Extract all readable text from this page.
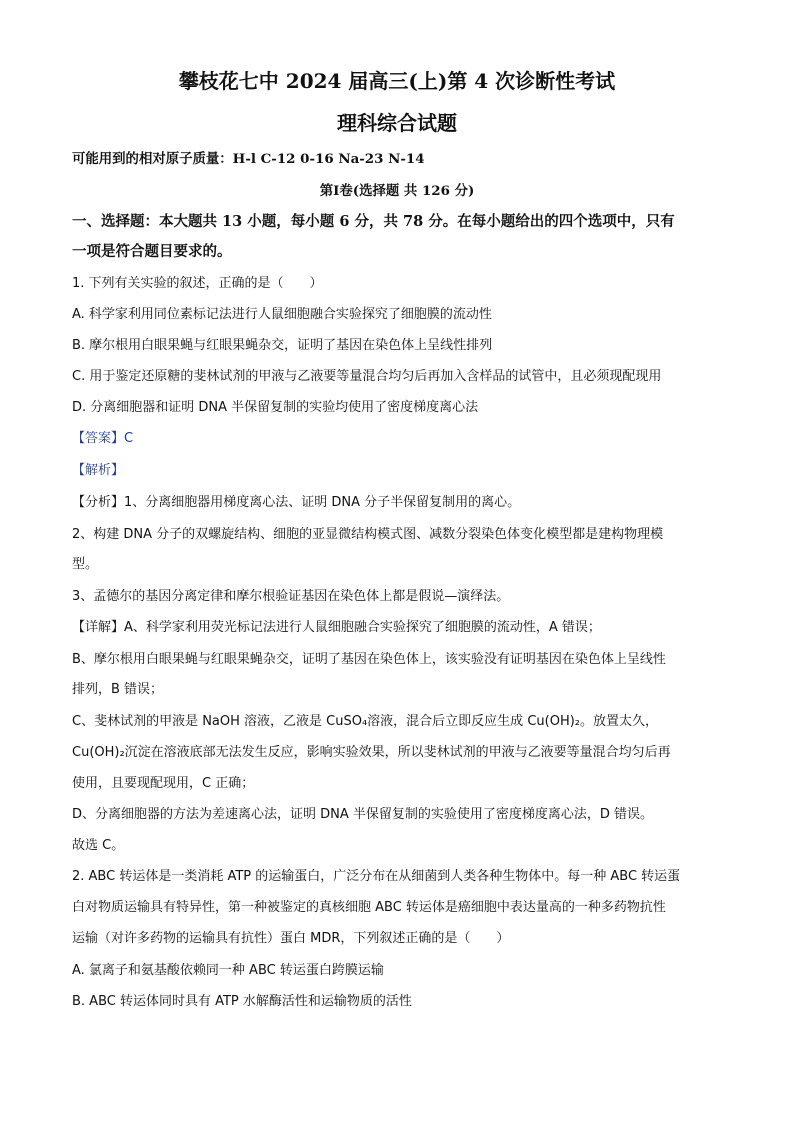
攀枝花七中 2024 届高三(上)第 4 次诊断性考试
理科综合试题
可能用到的相对原子质量：H-l C-12 0-16 Na-23 N-14
第Ⅰ卷(选择题 共 126 分)
一、选择题：本大题共 13 小题，每小题 6 分，共 78 分。在每小题给出的四个选项中，只有
一项是符合题目要求的。
1. 下列有关实验的叙述，正确的是（　　）
A. 科学家利用同位素标记法进行人鼠细胞融合实验探究了细胞膜的流动性
B. 摩尔根用白眼果蝇与红眼果蝇杂交，证明了基因在染色体上呈线性排列
C. 用于鉴定还原糖的斐林试剂的甲液与乙液要等量混合均匀后再加入含样品的试管中，且必须现配现用
D. 分离细胞器和证明 DNA 半保留复制的实验均使用了密度梯度离心法
【答案】C
【解析】
【分析】1、分离细胞器用梯度离心法、证明 DNA 分子半保留复制用的离心。
2、构建 DNA 分子的双螺旋结构、细胞的亚显微结构模式图、减数分裂染色体变化模型都是建构物理模
型。
3、孟德尔的基因分离定律和摩尔根验证基因在染色体上都是假说—演绎法。
【详解】A、科学家利用荧光标记法进行人鼠细胞融合实验探究了细胞膜的流动性，A 错误；
B、摩尔根用白眼果蝇与红眼果蝇杂交，证明了基因在染色体上，该实验没有证明基因在染色体上呈线性
排列，B 错误；
C、斐林试剂的甲液是 NaOH 溶液，乙液是 CuSO₄溶液，混合后立即反应生成 Cu(OH)₂。放置太久，
Cu(OH)₂沉淀在溶液底部无法发生反应，影响实验效果，所以斐林试剂的甲液与乙液要等量混合均匀后再
使用，且要现配现用，C 正确；
D、分离细胞器的方法为差速离心法，证明 DNA 半保留复制的实验使用了密度梯度离心法，D 错误。
故选 C。
2. ABC 转运体是一类消耗 ATP 的运输蛋白，广泛分布在从细菌到人类各种生物体中。每一种 ABC 转运蛋
白对物质运输具有特异性，第一种被鉴定的真核细胞 ABC 转运体是癌细胞中表达量高的一种多药物抗性
运输（对许多药物的运输具有抗性）蛋白 MDR，下列叙述正确的是（　　）
A. 氯离子和氨基酸依赖同一种 ABC 转运蛋白跨膜运输
B. ABC 转运体同时具有 ATP 水解酶活性和运输物质的活性
